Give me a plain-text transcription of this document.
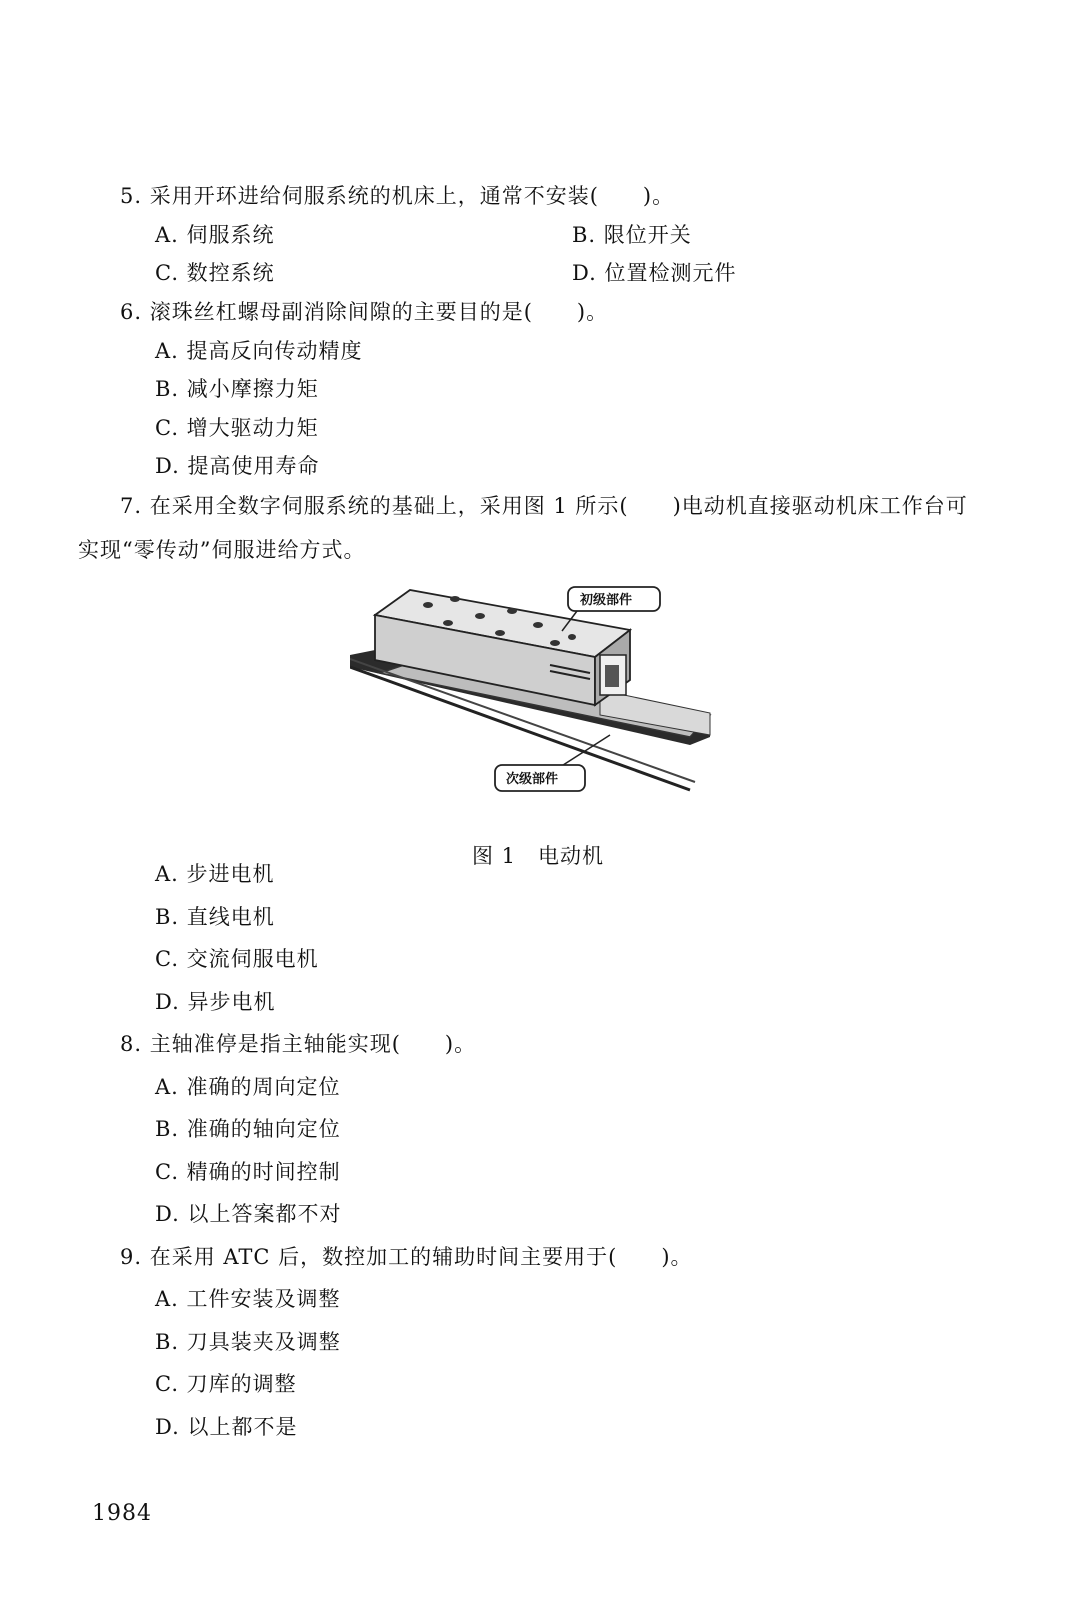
5. 采用开环进给伺服系统的机床上，通常不安装(　　)。
A. 伺服系统	B. 限位开关
C. 数控系统	D. 位置检测元件
6. 滚珠丝杠螺母副消除间隙的主要目的是(　　)。
A. 提高反向传动精度
B. 减小摩擦力矩
C. 增大驱动力矩
D. 提高使用寿命
7. 在采用全数字伺服系统的基础上，采用图 1 所示(　　)电动机直接驱动机床工作台可
实现“零传动”伺服进给方式。
初级部件
次级部件
图 1　电动机
A. 步进电机
B. 直线电机
C. 交流伺服电机
D. 异步电机
8. 主轴准停是指主轴能实现(　　)。
A. 准确的周向定位
B. 准确的轴向定位
C. 精确的时间控制
D. 以上答案都不对
9. 在采用 ATC 后，数控加工的辅助时间主要用于(　　)。
A. 工件安装及调整
B. 刀具装夹及调整
C. 刀库的调整
D. 以上都不是
1984
